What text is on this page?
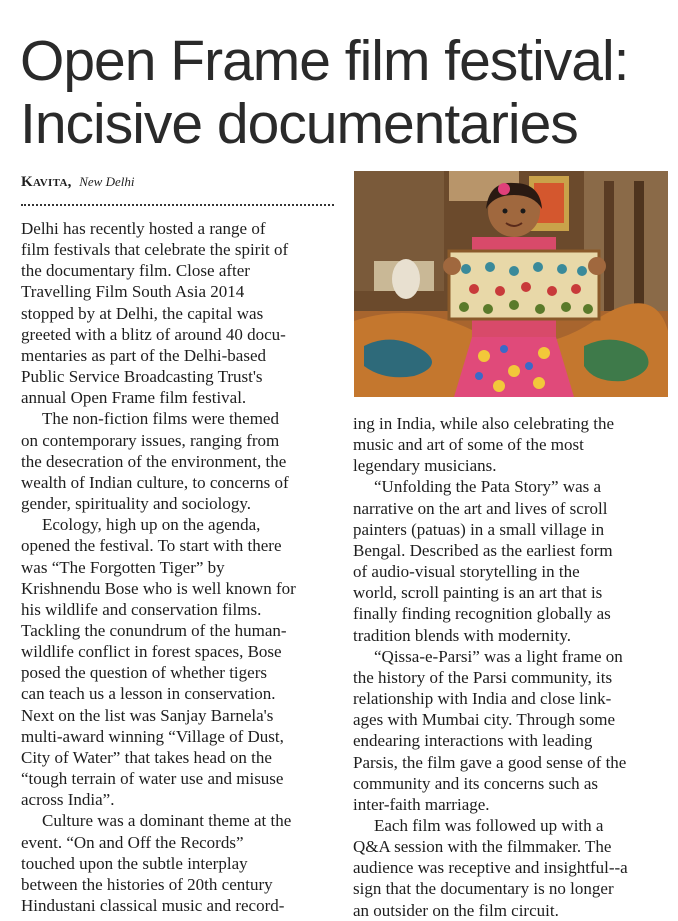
Open Frame film festival:
Incisive documentaries
Kavita, New Delhi

Delhi has recently hosted a range of
film festivals that celebrate the spirit of
the documentary film. Close after
Travelling Film South Asia 2014
stopped by at Delhi, the capital was
greeted with a blitz of around 40 docu-
mentaries as part of the Delhi-based
Public Service Broadcasting Trust's
annual Open Frame film festival.

The non-fiction films were themed
on contemporary issues, ranging from
the desecration of the environment, the
wealth of Indian culture, to concerns of
gender, spirituality and sociology.

Ecology, high up on the agenda,
opened the festival. To start with there
was “The Forgotten Tiger” by
Krishnendu Bose who is well known for
his wildlife and conservation films.
Tackling the conundrum of the human-
wildlife conflict in forest spaces, Bose
posed the question of whether tigers
can teach us a lesson in conservation.
Next on the list was Sanjay Barnela's
multi-award winning “Village of Dust,
City of Water” that takes head on the
“tough terrain of water use and misuse
across India”.

Culture was a dominant theme at the
event. “On and Off the Records”
touched upon the subtle interplay
between the histories of 20th century
Hindustani classical music and record-

ing in India, while also celebrating the
music and art of some of the most
legendary musicians.

“Unfolding the Pata Story” was a
narrative on the art and lives of scroll
painters (patuas) in a small village in
Bengal. Described as the earliest form
of audio-visual storytelling in the
world, scroll painting is an art that is
finally finding recognition globally as
tradition blends with modernity.

“Qissa-e-Parsi” was a light frame on
the history of the Parsi community, its
relationship with India and close link-
ages with Mumbai city. Through some
endearing interactions with leading
Parsis, the film gave a good sense of the
community and its concerns such as
inter-faith marriage.

Each film was followed up with a
Q&A session with the filmmaker. The
audience was receptive and insightful--a
sign that the documentary is no longer
an outsider on the film circuit.
